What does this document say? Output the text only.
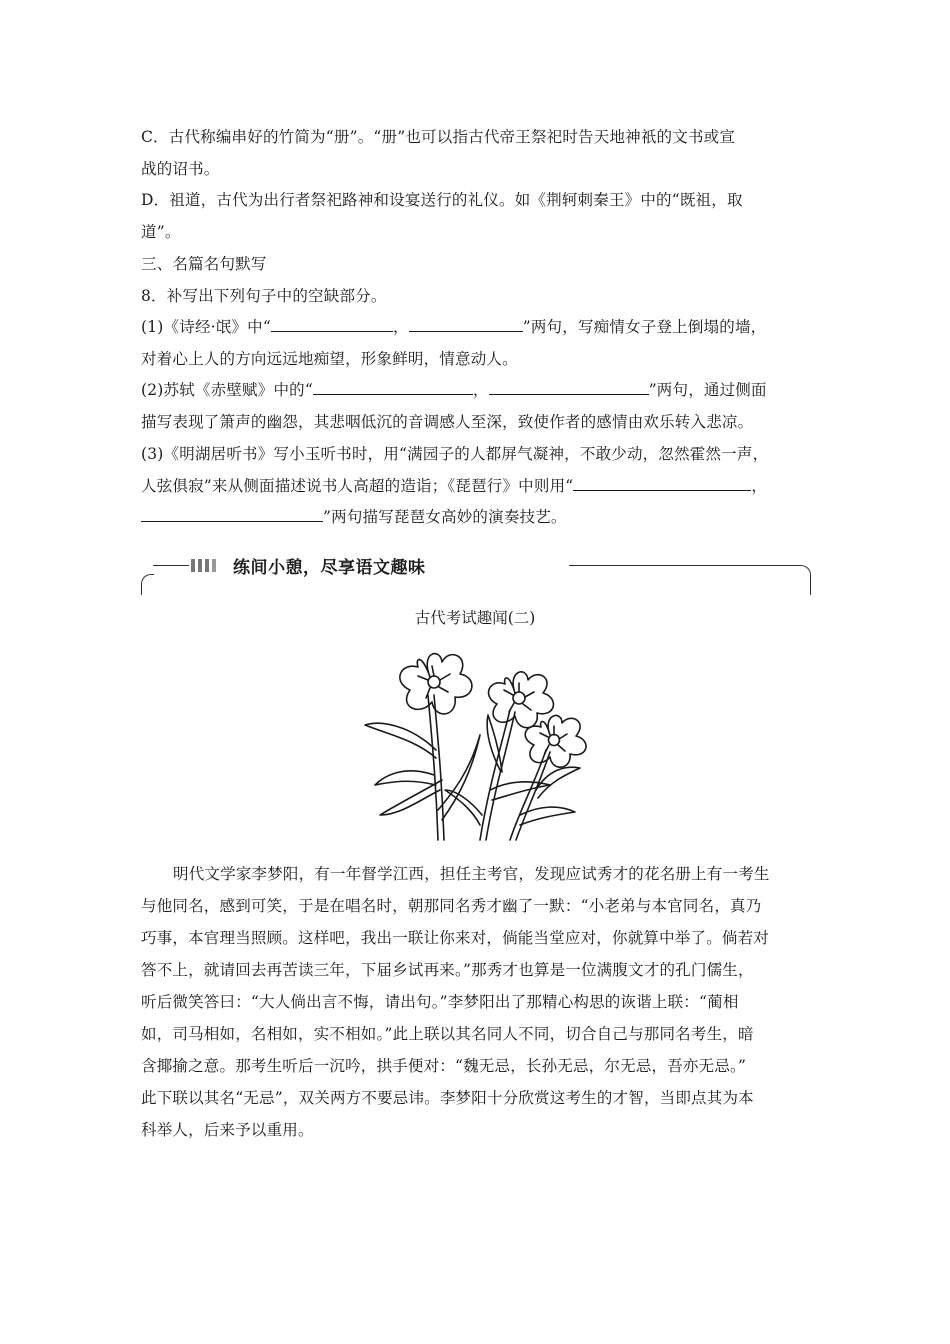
C．古代称编串好的竹简为“册”。“册”也可以指古代帝王祭祀时告天地神祇的文书或宣
战的诏书。
D．祖道，古代为出行者祭祀路神和设宴送行的礼仪。如《荆轲刺秦王》中的“既祖，取
道”。
三、名篇名句默写
8．补写出下列句子中的空缺部分。
(1)《诗经·氓》中“	，	”两句，写痴情女子登上倒塌的墙，
对着心上人的方向远远地痴望，形象鲜明，情意动人。
(2)苏轼《赤壁赋》中的“	，	”两句，通过侧面
描写表现了箫声的幽怨，其悲咽低沉的音调感人至深，致使作者的感情由欢乐转入悲凉。
(3)《明湖居听书》写小玉听书时，用“满园子的人都屏气凝神，不敢少动，忽然霍然一声，
人弦俱寂”来从侧面描述说书人高超的造诣；《琵琶行》中则用“	，
”两句描写琵琶女高妙的演奏技艺。
练间小憩，尽享语文趣味
古代考试趣闻(二)
明代文学家李梦阳，有一年督学江西，担任主考官，发现应试秀才的花名册上有一考生
与他同名，感到可笑，于是在唱名时，朝那同名秀才幽了一默：“小老弟与本官同名，真乃
巧事，本官理当照顾。这样吧，我出一联让你来对，倘能当堂应对，你就算中举了。倘若对
答不上，就请回去再苦读三年，下届乡试再来。”那秀才也算是一位满腹文才的孔门儒生，
听后微笑答曰：“大人倘出言不悔，请出句。”李梦阳出了那精心构思的诙谐上联：“蔺相
如，司马相如，名相如，实不相如。”此上联以其名同人不同，切合自己与那同名考生，暗
含揶揄之意。那考生听后一沉吟，拱手便对：“魏无忌，长孙无忌，尔无忌，吾亦无忌。”
此下联以其名“无忌”，双关两方不要忌讳。李梦阳十分欣赏这考生的才智，当即点其为本
科举人，后来予以重用。
